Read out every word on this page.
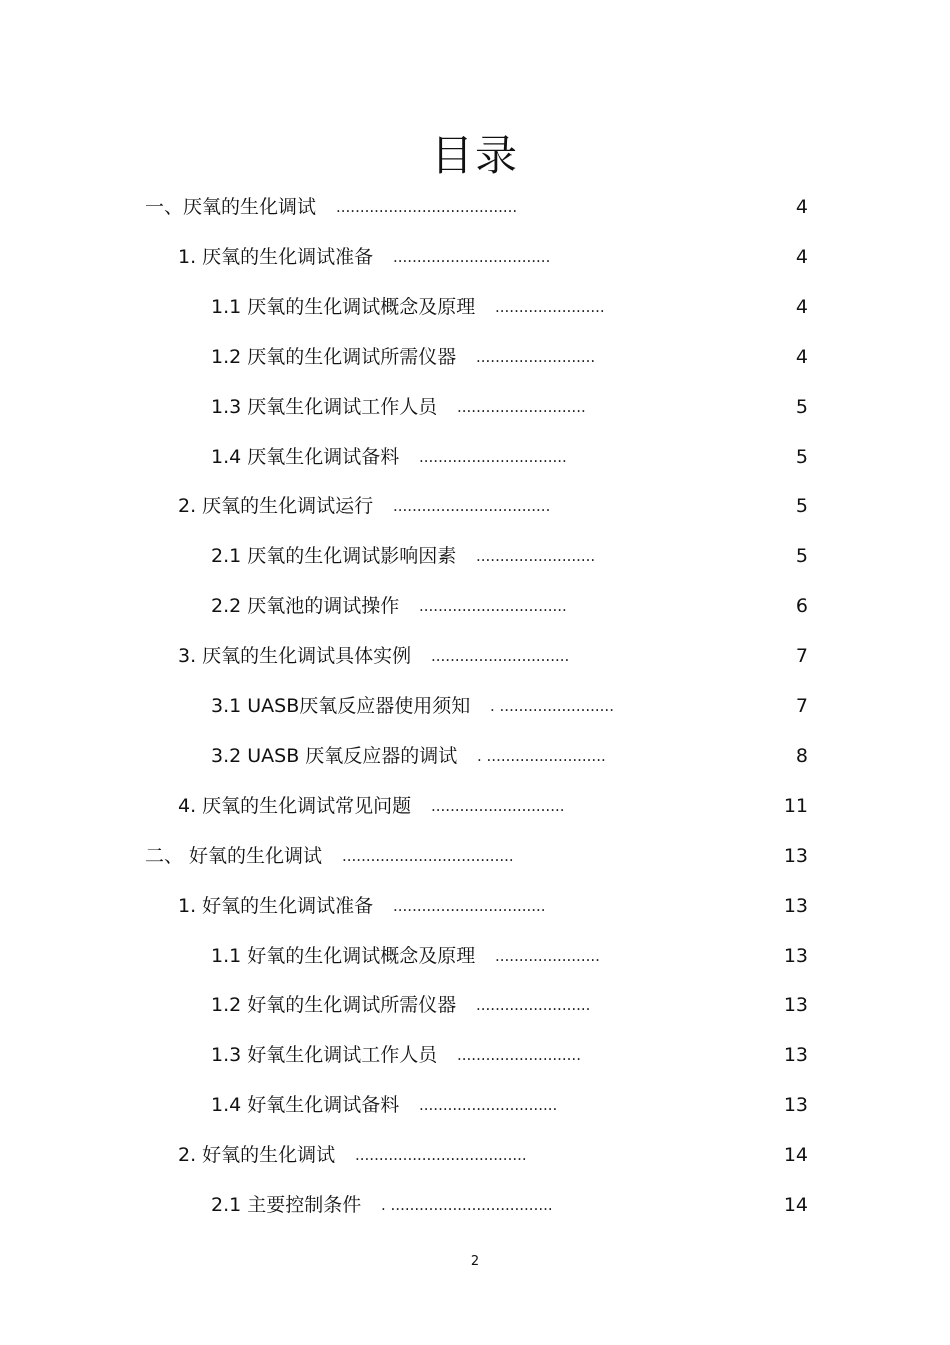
目录
一、厌氧的生化调试 ......................................	4
1. 厌氧的生化调试准备 .................................	4
1.1 厌氧的生化调试概念及原理 .......................	4
1.2 厌氧的生化调试所需仪器 .........................	4
1.3 厌氧生化调试工作人员 ...........................	5
1.4 厌氧生化调试备料 ...............................	5
2. 厌氧的生化调试运行 .................................	5
2.1 厌氧的生化调试影响因素 .........................	5
2.2 厌氧池的调试操作 ...............................	6
3. 厌氧的生化调试具体实例 .............................	7
3.1 UASB厌氧反应器使用须知 . ........................	7
3.2 UASB 厌氧反应器的调试 . .........................	8
4. 厌氧的生化调试常见问题 ............................	11
二、 好氧的生化调试 ....................................	13
1. 好氧的生化调试准备 ................................	13
1.1 好氧的生化调试概念及原理 ......................	13
1.2 好氧的生化调试所需仪器 ........................	13
1.3 好氧生化调试工作人员 ..........................	13
1.4 好氧生化调试备料 .............................	13
2. 好氧的生化调试 ....................................	14
2.1 主要控制条件 . ..................................	14
2
